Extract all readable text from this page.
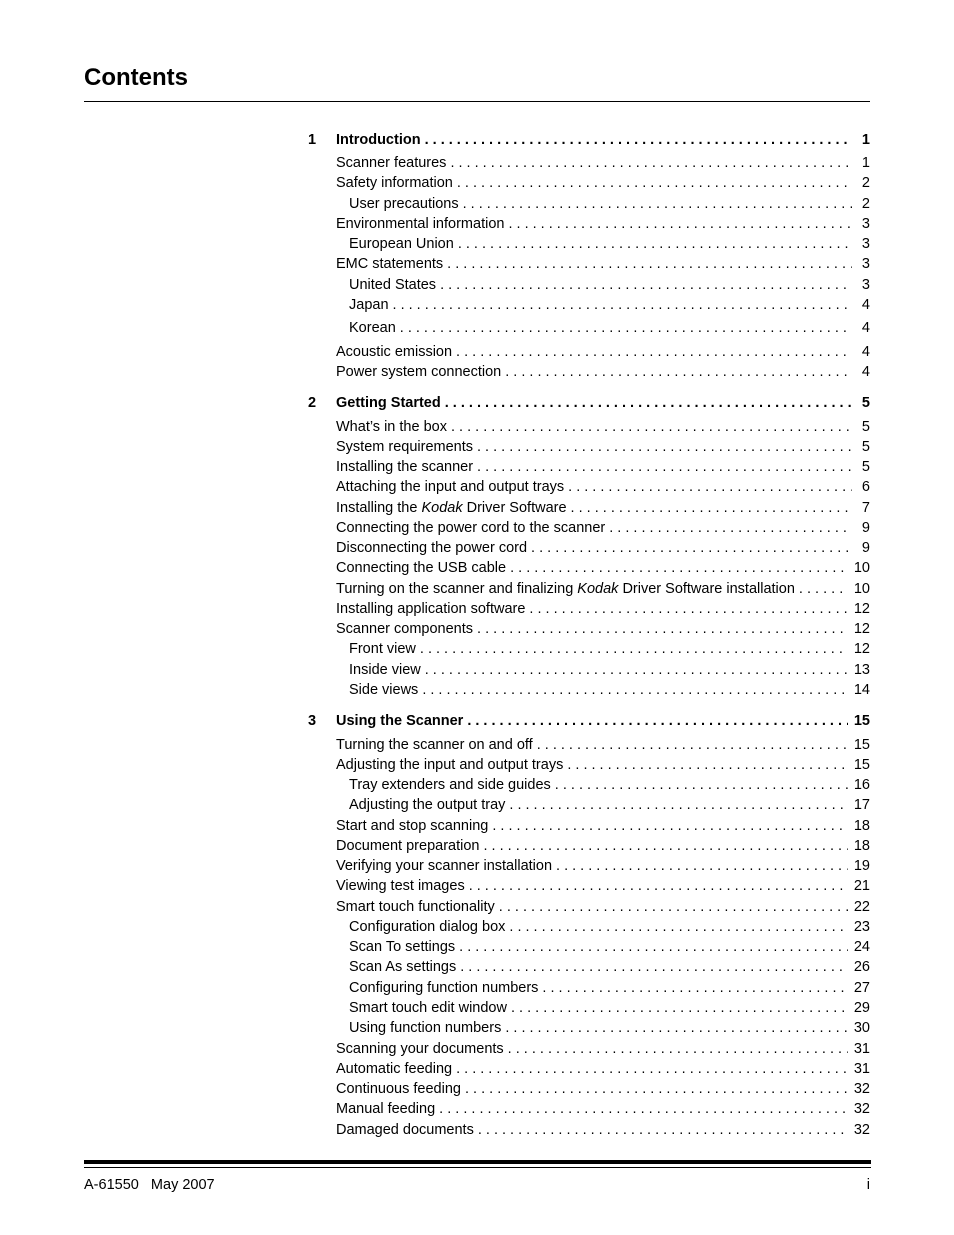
Contents
1	Introduction . . .	1
Scanner features . . .	1
Safety information . . .	2
User precautions . . .	2
Environmental information . . .	3
European Union . . .	3
EMC statements . . .	3
United States . . .	3
Japan . . .	4
Korean . . .	4
Acoustic emission . . .	4
Power system connection . . .	4
2	Getting Started . . .	5
What’s in the box . . .	5
System requirements . . .	5
Installing the scanner . . .	5
Attaching the input and output trays . . .	6
Installing the Kodak Driver Software . . .	7
Connecting the power cord to the scanner . . .	9
Disconnecting the power cord . . .	9
Connecting the USB cable . . .	10
Turning on the scanner and finalizing Kodak Driver Software installation . . .	10
Installing application software . . .	12
Scanner components . . .	12
Front view . . .	12
Inside view . . .	13
Side views . . .	14
3	Using the Scanner . . .	15
Turning the scanner on and off . . .	15
Adjusting the input and output trays . . .	15
Tray extenders and side guides . . .	16
Adjusting the output tray . . .	17
Start and stop scanning . . .	18
Document preparation . . .	18
Verifying your scanner installation . . .	19
Viewing test images . . .	21
Smart touch functionality . . .	22
Configuration dialog box . . .	23
Scan To settings . . .	24
Scan As settings . . .	26
Configuring function numbers . . .	27
Smart touch edit window . . .	29
Using function numbers . . .	30
Scanning your documents . . .	31
Automatic feeding . . .	31
Continuous feeding . . .	32
Manual feeding . . .	32
Damaged documents . . .	32
A-61550 May 2007	i
